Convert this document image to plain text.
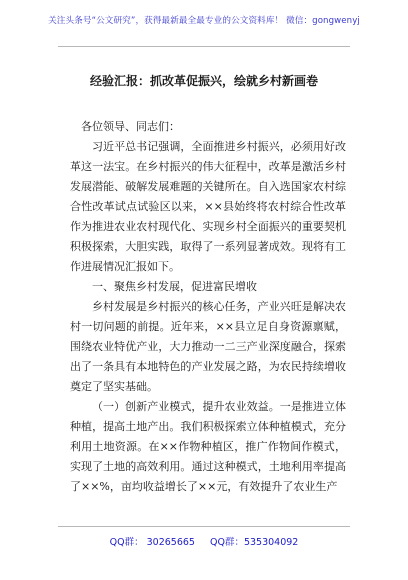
关注头条号“公文研究”，获得最新最全最专业的公文资料库！ 微信：gongwenyj
经验汇报：抓改革促振兴，绘就乡村新画卷

各位领导、同志们：

习近平总书记强调，全面推进乡村振兴，必须用好改革这一法宝。在乡村振兴的伟大征程中，改革是激活乡村发展潜能、破解发展难题的关键所在。自入选国家农村综合性改革试点试验区以来，××县始终将农村综合性改革作为推进农业农村现代化、实现乡村全面振兴的重要契机积极探索，大胆实践，取得了一系列显著成效。现将有工作进展情况汇报如下。

一、聚焦乡村发展，促进富民增收

乡村发展是乡村振兴的核心任务，产业兴旺是解决农村一切问题的前提。近年来，××县立足自身资源禀赋，围绕农业特优产业，大力推动一二三产业深度融合，探索出了一条具有本地特色的产业发展之路，为农民持续增收奠定了坚实基础。

（一）创新产业模式，提升农业效益。一是推进立体种植，提高土地产出。我们积极探索立体种植模式，充分利用土地资源。在××作物种植区，推广作物间作模式，实现了土地的高效利用。通过这种模式，土地利用率提高了××%，亩均收益增长了××元，有效提升了农业生产

QQ群： 30265665 QQ群：535304092
